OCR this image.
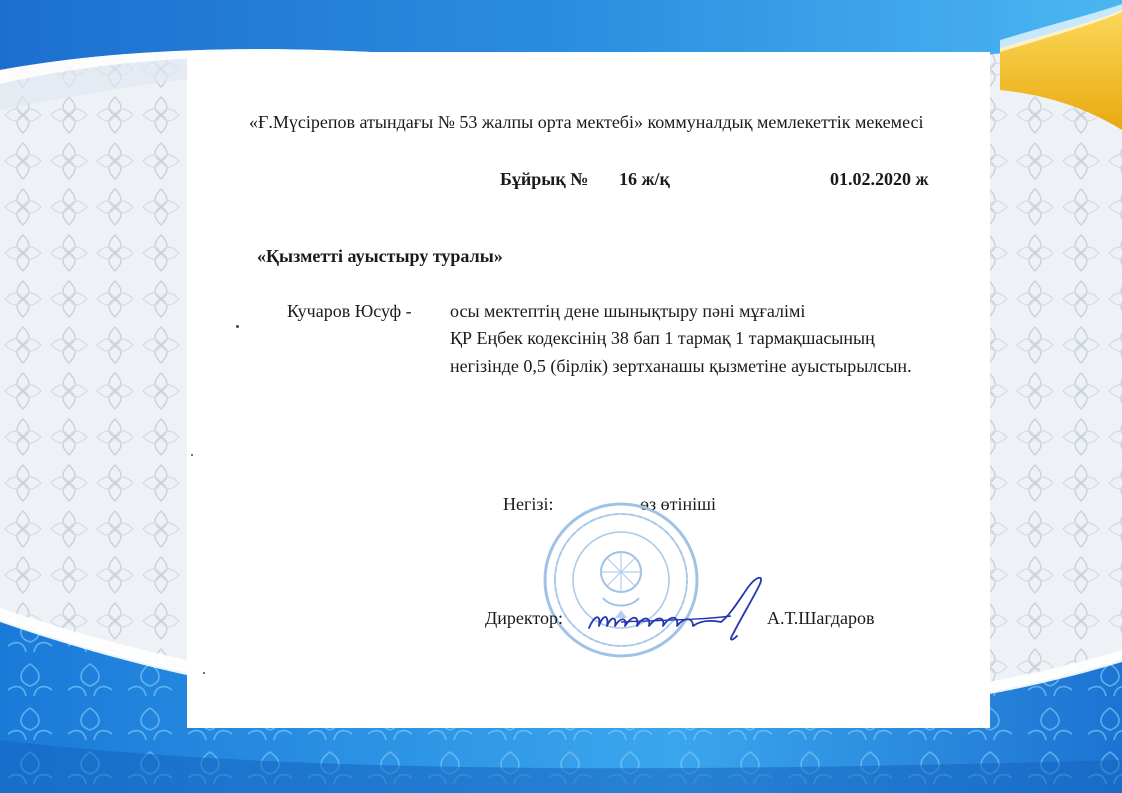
«Ғ.Мүсірепов атындағы № 53 жалпы орта мектебі» коммуналдық мемлекеттік мекемесі

Бұйрық № 16 ж/қ	01.02.2020 ж

«Қызметті ауыстыру туралы»

Кучаров Юсуф - осы мектептің дене шынықтыру пәні мұғалімі

ҚР Еңбек кодексінің 38 бап 1 тармақ 1 тармақшасының

негізінде 0,5 (бірлік) зертханашы қызметіне ауыстырылсын.

Негізі:	өз өтініші

Директор:	А.Т.Шагдаров
